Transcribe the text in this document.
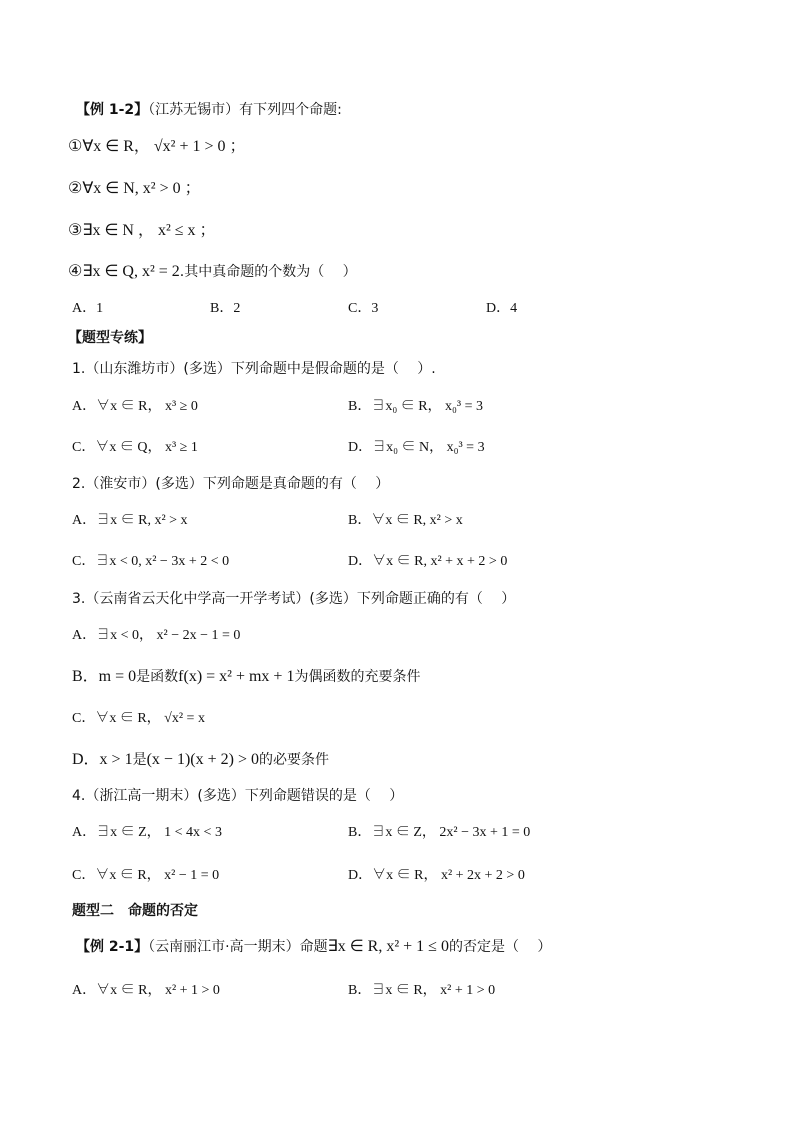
【例 1-2】（江苏无锡市）有下列四个命题:
①∀x ∈ R， √x² + 1 > 0 ；
②∀x ∈ N, x² > 0 ；
③∃x ∈ N ， x² ≤ x ；
④∃x ∈ Q, x² = 2.其中真命题的个数为（　 ）
A．1	B．2	C．3	D．4
【题型专练】
1.（山东潍坊市）(多选）下列命题中是假命题的是（　 ）.
A．∀x ∈ R， x³ ≥ 0	B．∃x₀ ∈ R， x₀³ = 3
C．∀x ∈ Q， x³ ≥ 1	D．∃x₀ ∈ N， x₀³ = 3
2.（淮安市）(多选）下列命题是真命题的有（　 ）
A．∃x ∈ R, x² > x	B．∀x ∈ R, x² > x
C．∃x < 0, x² − 3x + 2 < 0	D．∀x ∈ R, x² + x + 2 > 0
3.（云南省云天化中学高一开学考试）(多选）下列命题正确的有（　 ）
A．∃x < 0， x² − 2x − 1 = 0
B．m = 0是函数f(x) = x² + mx + 1为偶函数的充要条件
C．∀x ∈ R， √x² = x
D．x > 1是(x − 1)(x + 2) > 0的必要条件
4.（浙江高一期末）(多选）下列命题错误的是（　 ）
A．∃x ∈ Z， 1 < 4x < 3	B．∃x ∈ Z， 2x² − 3x + 1 = 0
C．∀x ∈ R， x² − 1 = 0	D．∀x ∈ R， x² + 2x + 2 > 0
题型二　命题的否定
【例 2-1】（云南丽江市·高一期末）命题∃x ∈ R, x² + 1 ≤ 0的否定是（　 ）
A．∀x ∈ R， x² + 1 > 0	B．∃x ∈ R， x² + 1 > 0
